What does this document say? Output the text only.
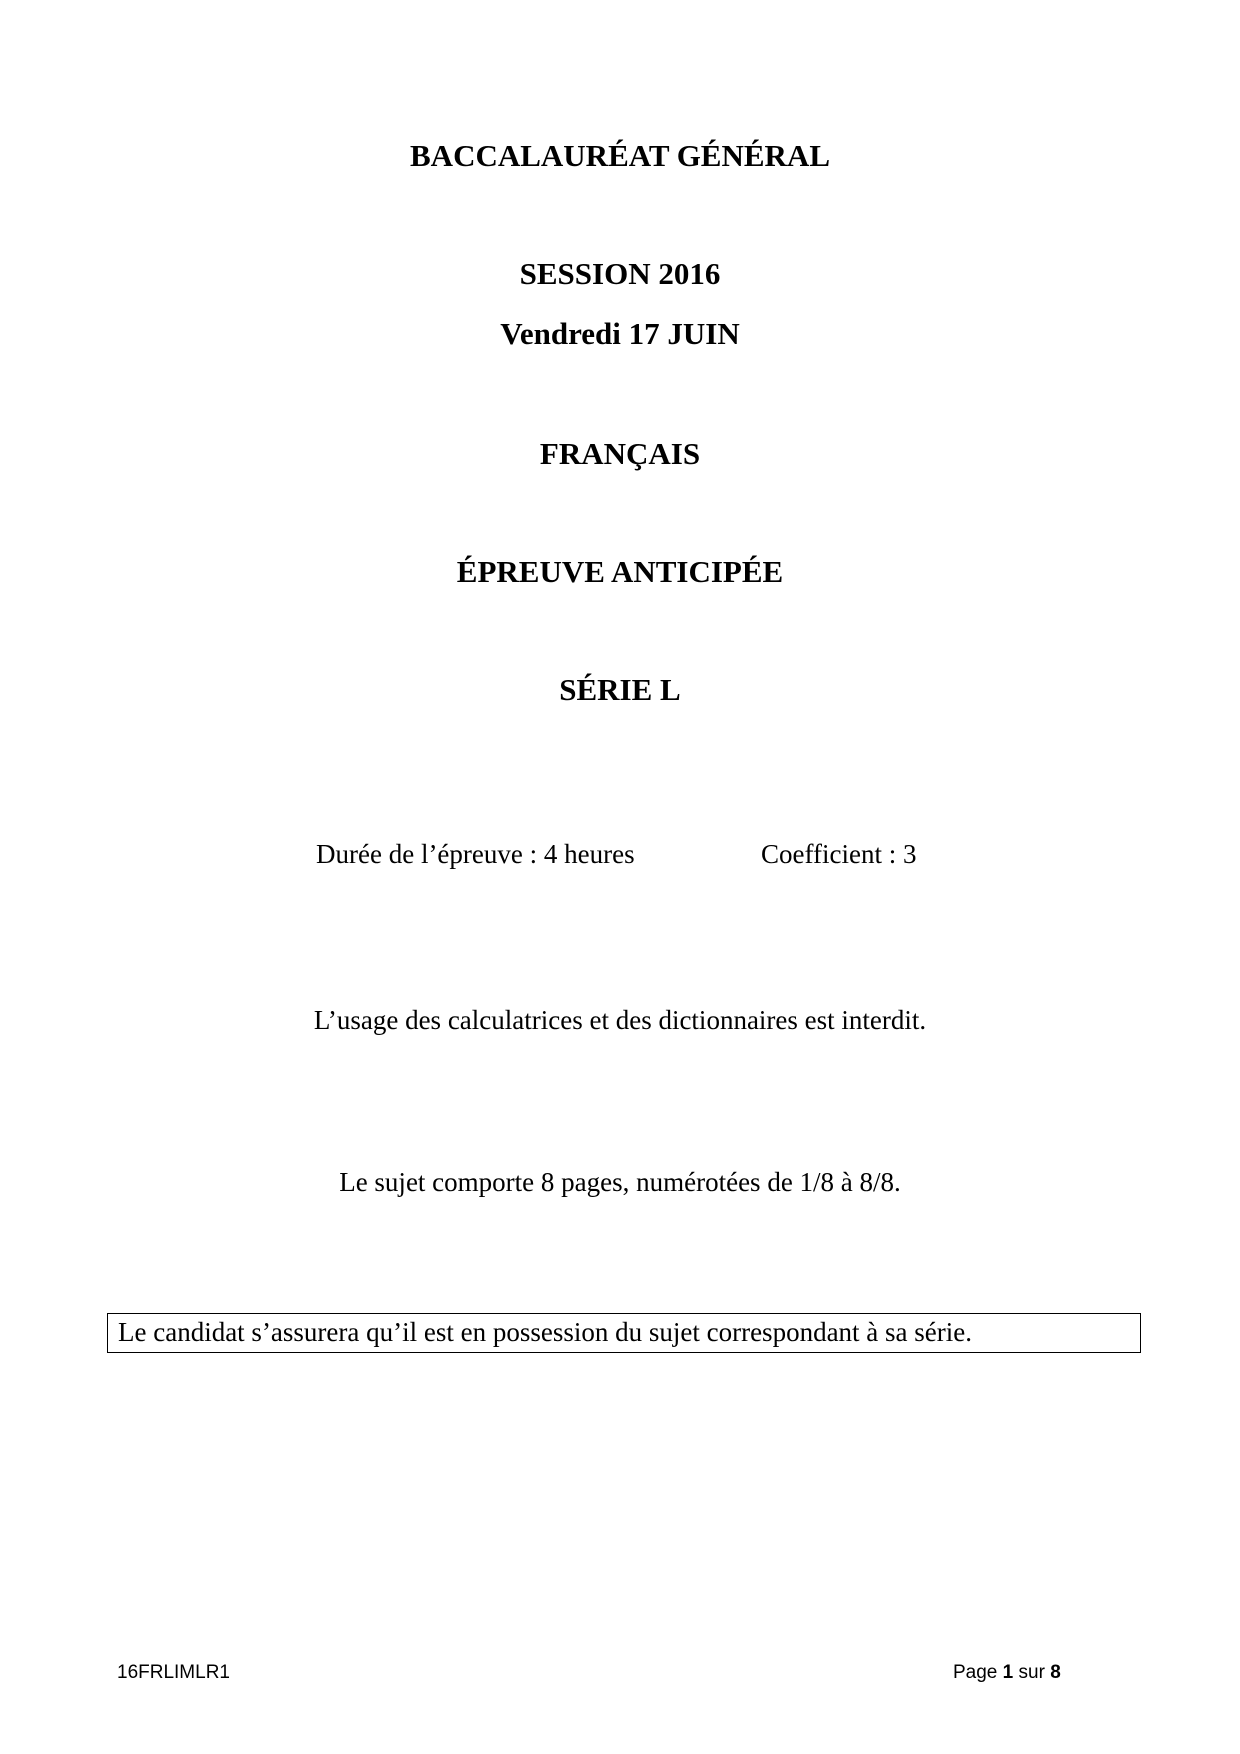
BACCALAURÉAT GÉNÉRAL
SESSION 2016
Vendredi 17 JUIN
FRANÇAIS
ÉPREUVE ANTICIPÉE
SÉRIE L
Durée de l’épreuve : 4 heures	Coefficient : 3
L’usage des calculatrices et des dictionnaires est interdit.
Le sujet comporte 8 pages, numérotées de 1/8 à 8/8.
Le candidat s’assurera qu’il est en possession du sujet correspondant à sa série.
16FRLIMLR1	Page 1 sur 8
